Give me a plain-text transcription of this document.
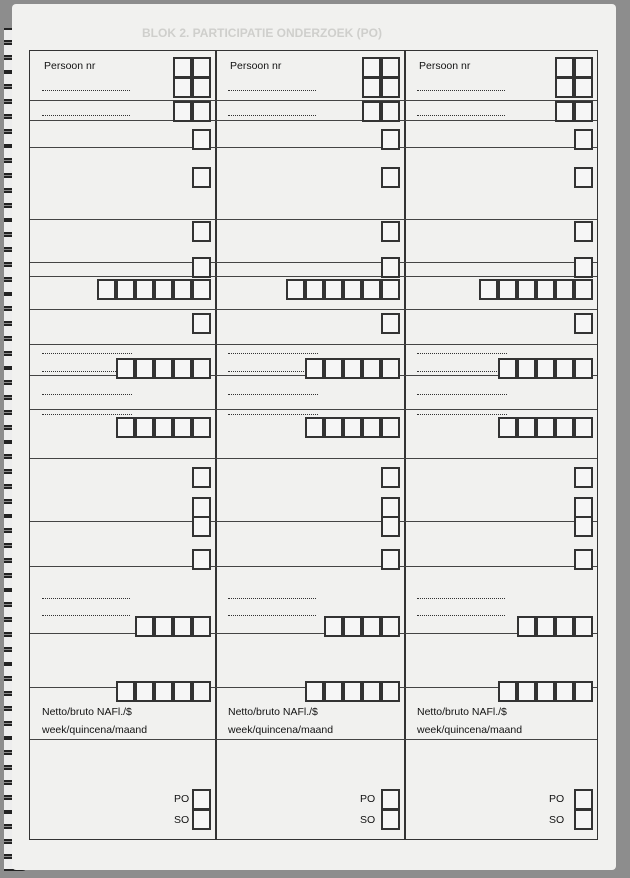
BLOK 2. PARTICIPATIE ONDERZOEK (PO)
Persoon nr
Netto/bruto NAFl./$
week/quincena/maand
PO
SO
Persoon nr
Netto/bruto NAFl./$
week/quincena/maand
PO
SO
Persoon nr
Netto/bruto NAFl./$
week/quincena/maand
PO
SO
